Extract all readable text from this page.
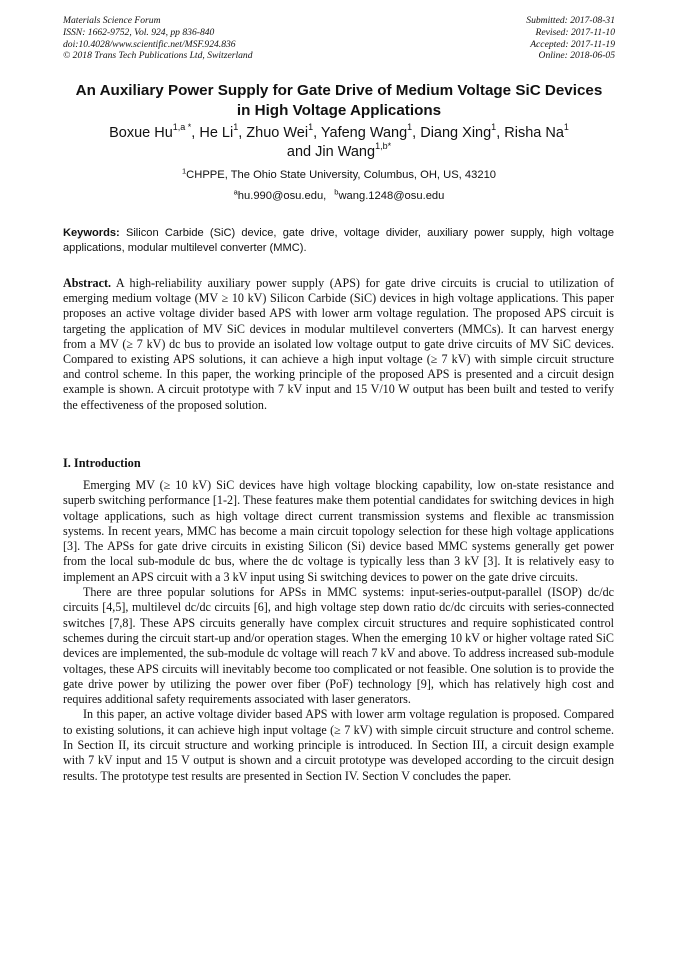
Materials Science Forum
ISSN: 1662-9752, Vol. 924, pp 836-840
doi:10.4028/www.scientific.net/MSF.924.836
© 2018 Trans Tech Publications Ltd, Switzerland
Submitted: 2017-08-31
Revised: 2017-11-10
Accepted: 2017-11-19
Online: 2018-06-05
An Auxiliary Power Supply for Gate Drive of Medium Voltage SiC Devices
in High Voltage Applications
Boxue $Hu^{1,a *}$, He Li$^1$, Zhuo Wei$^1$, Yafeng Wang$^1$, Diang Xing$^1$, Risha Na$^1$
and Jin Wang$^{1,b*}$
$^1$CHPPE, The Ohio State University, Columbus, OH, US, 43210
$^a$hu.990@osu.edu, $^b$wang.1248@osu.edu
Keywords: Silicon Carbide (SiC) device, gate drive, voltage divider, auxiliary power supply, high voltage applications, modular multilevel converter (MMC).
Abstract. A high-reliability auxiliary power supply (APS) for gate drive circuits is crucial to utilization of emerging medium voltage (MV ≥ 10 kV) Silicon Carbide (SiC) devices in high voltage applications. This paper proposes an active voltage divider based APS with lower arm voltage regulation. The proposed APS circuit is targeting the application of MV SiC devices in modular multilevel converters (MMCs). It can harvest energy from a MV (≥ 7 kV) dc bus to provide an isolated low voltage output to gate drive circuits of MV SiC devices. Compared to existing APS solutions, it can achieve a high input voltage (≥ 7 kV) with simple circuit structure and control scheme. In this paper, the working principle of the proposed APS is presented and a circuit design example is shown. A circuit prototype with 7 kV input and 15 V/10 W output has been built and tested to verify the effectiveness of the proposed solution.
I. Introduction

Emerging MV (≥ 10 kV) SiC devices have high voltage blocking capability, low on-state resistance and superb switching performance [1-2]. These features make them potential candidates for switching devices in high voltage applications, such as high voltage direct current transmission systems and flexible ac transmission systems. In recent years, MMC has become a main circuit topology selection for these high voltage applications [3]. The APSs for gate drive circuits in existing Silicon (Si) device based MMC systems generally get power from the local sub-module dc bus, where the dc voltage is typically less than 3 kV [3]. It is relatively easy to implement an APS circuit with a 3 kV input using Si switching devices to power on the gate drive circuits.

There are three popular solutions for APSs in MMC systems: input-series-output-parallel (ISOP) dc/dc circuits [4,5], multilevel dc/dc circuits [6], and high voltage step down ratio dc/dc circuits with series-connected switches [7,8]. These APS circuits generally have complex circuit structures and require sophisticated control schemes during the circuit start-up and/or operation stages. When the emerging 10 kV or higher voltage rated SiC devices are implemented, the sub-module dc voltage will reach 7 kV and above. To address increased sub-module voltages, these APS circuits will inevitably become too complicated or not feasible. One solution is to provide the gate drive power by utilizing the power over fiber (PoF) technology [9], which has relatively high cost and requires additional safety requirements associated with laser generators.

In this paper, an active voltage divider based APS with lower arm voltage regulation is proposed. Compared to existing solutions, it can achieve high input voltage (≥ 7 kV) with simple circuit structure and control scheme. In Section II, its circuit structure and working principle is introduced. In Section III, a circuit design example with 7 kV input and 15 V output is shown and a circuit prototype was developed according to the circuit design results. The prototype test results are presented in Section IV. Section V concludes the paper.
